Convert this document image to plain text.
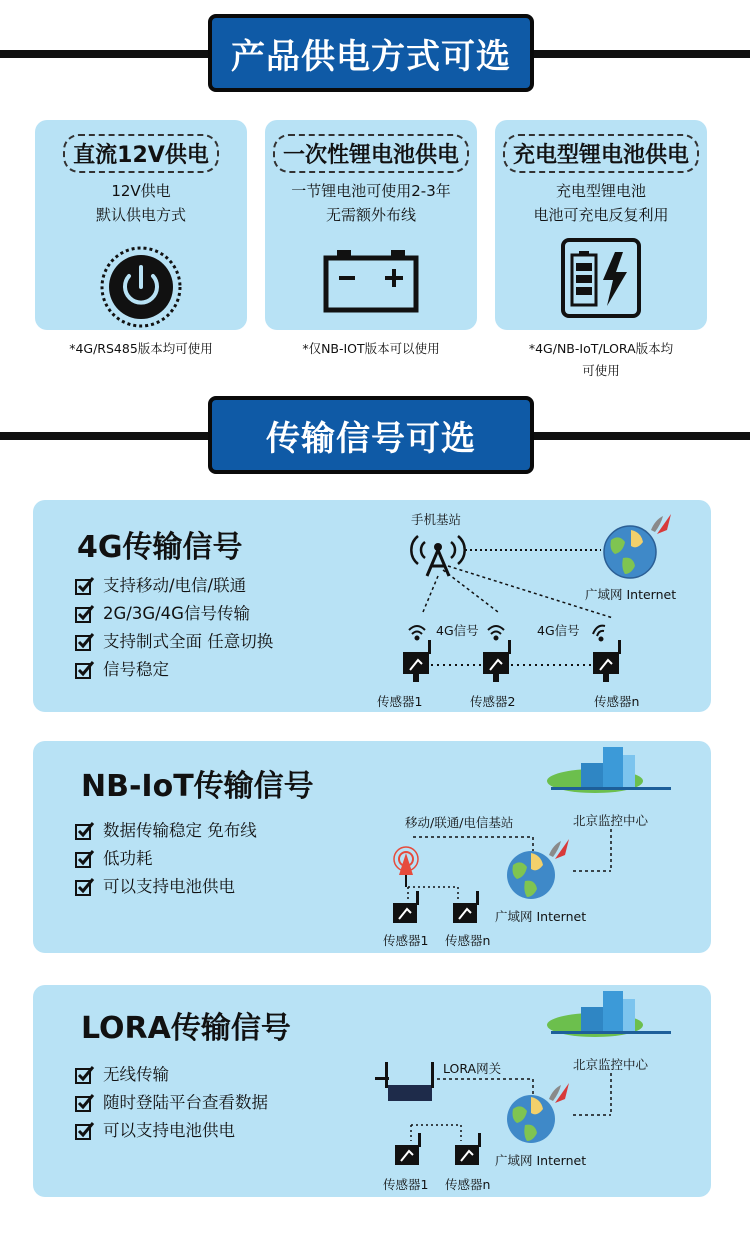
产品供电方式可选
直流12V供电
12V供电
默认供电方式
*4G/RS485版本均可使用
一次性锂电池供电
一节锂电池可使用2-3年
无需额外布线
*仅NB-IOT版本可以使用
充电型锂电池供电
充电型锂电池
电池可充电反复利用
*4G/NB-IoT/LORA版本均
可使用
传输信号可选
4G传输信号
支持移动/电信/联通
2G/3G/4G信号传输
支持制式全面 任意切换
信号稳定
手机基站
广域网 Internet
4G信号	4G信号
传感器1	传感器2	传感器n
NB-IoT传输信号
数据传输稳定 免布线
低功耗
可以支持电池供电
移动/联通/电信基站	北京监控中心
广域网 Internet
传感器1 传感器n
LORA传输信号
无线传输
随时登陆平台查看数据
可以支持电池供电
LORA网关	北京监控中心
广域网 Internet
传感器1 传感器n
